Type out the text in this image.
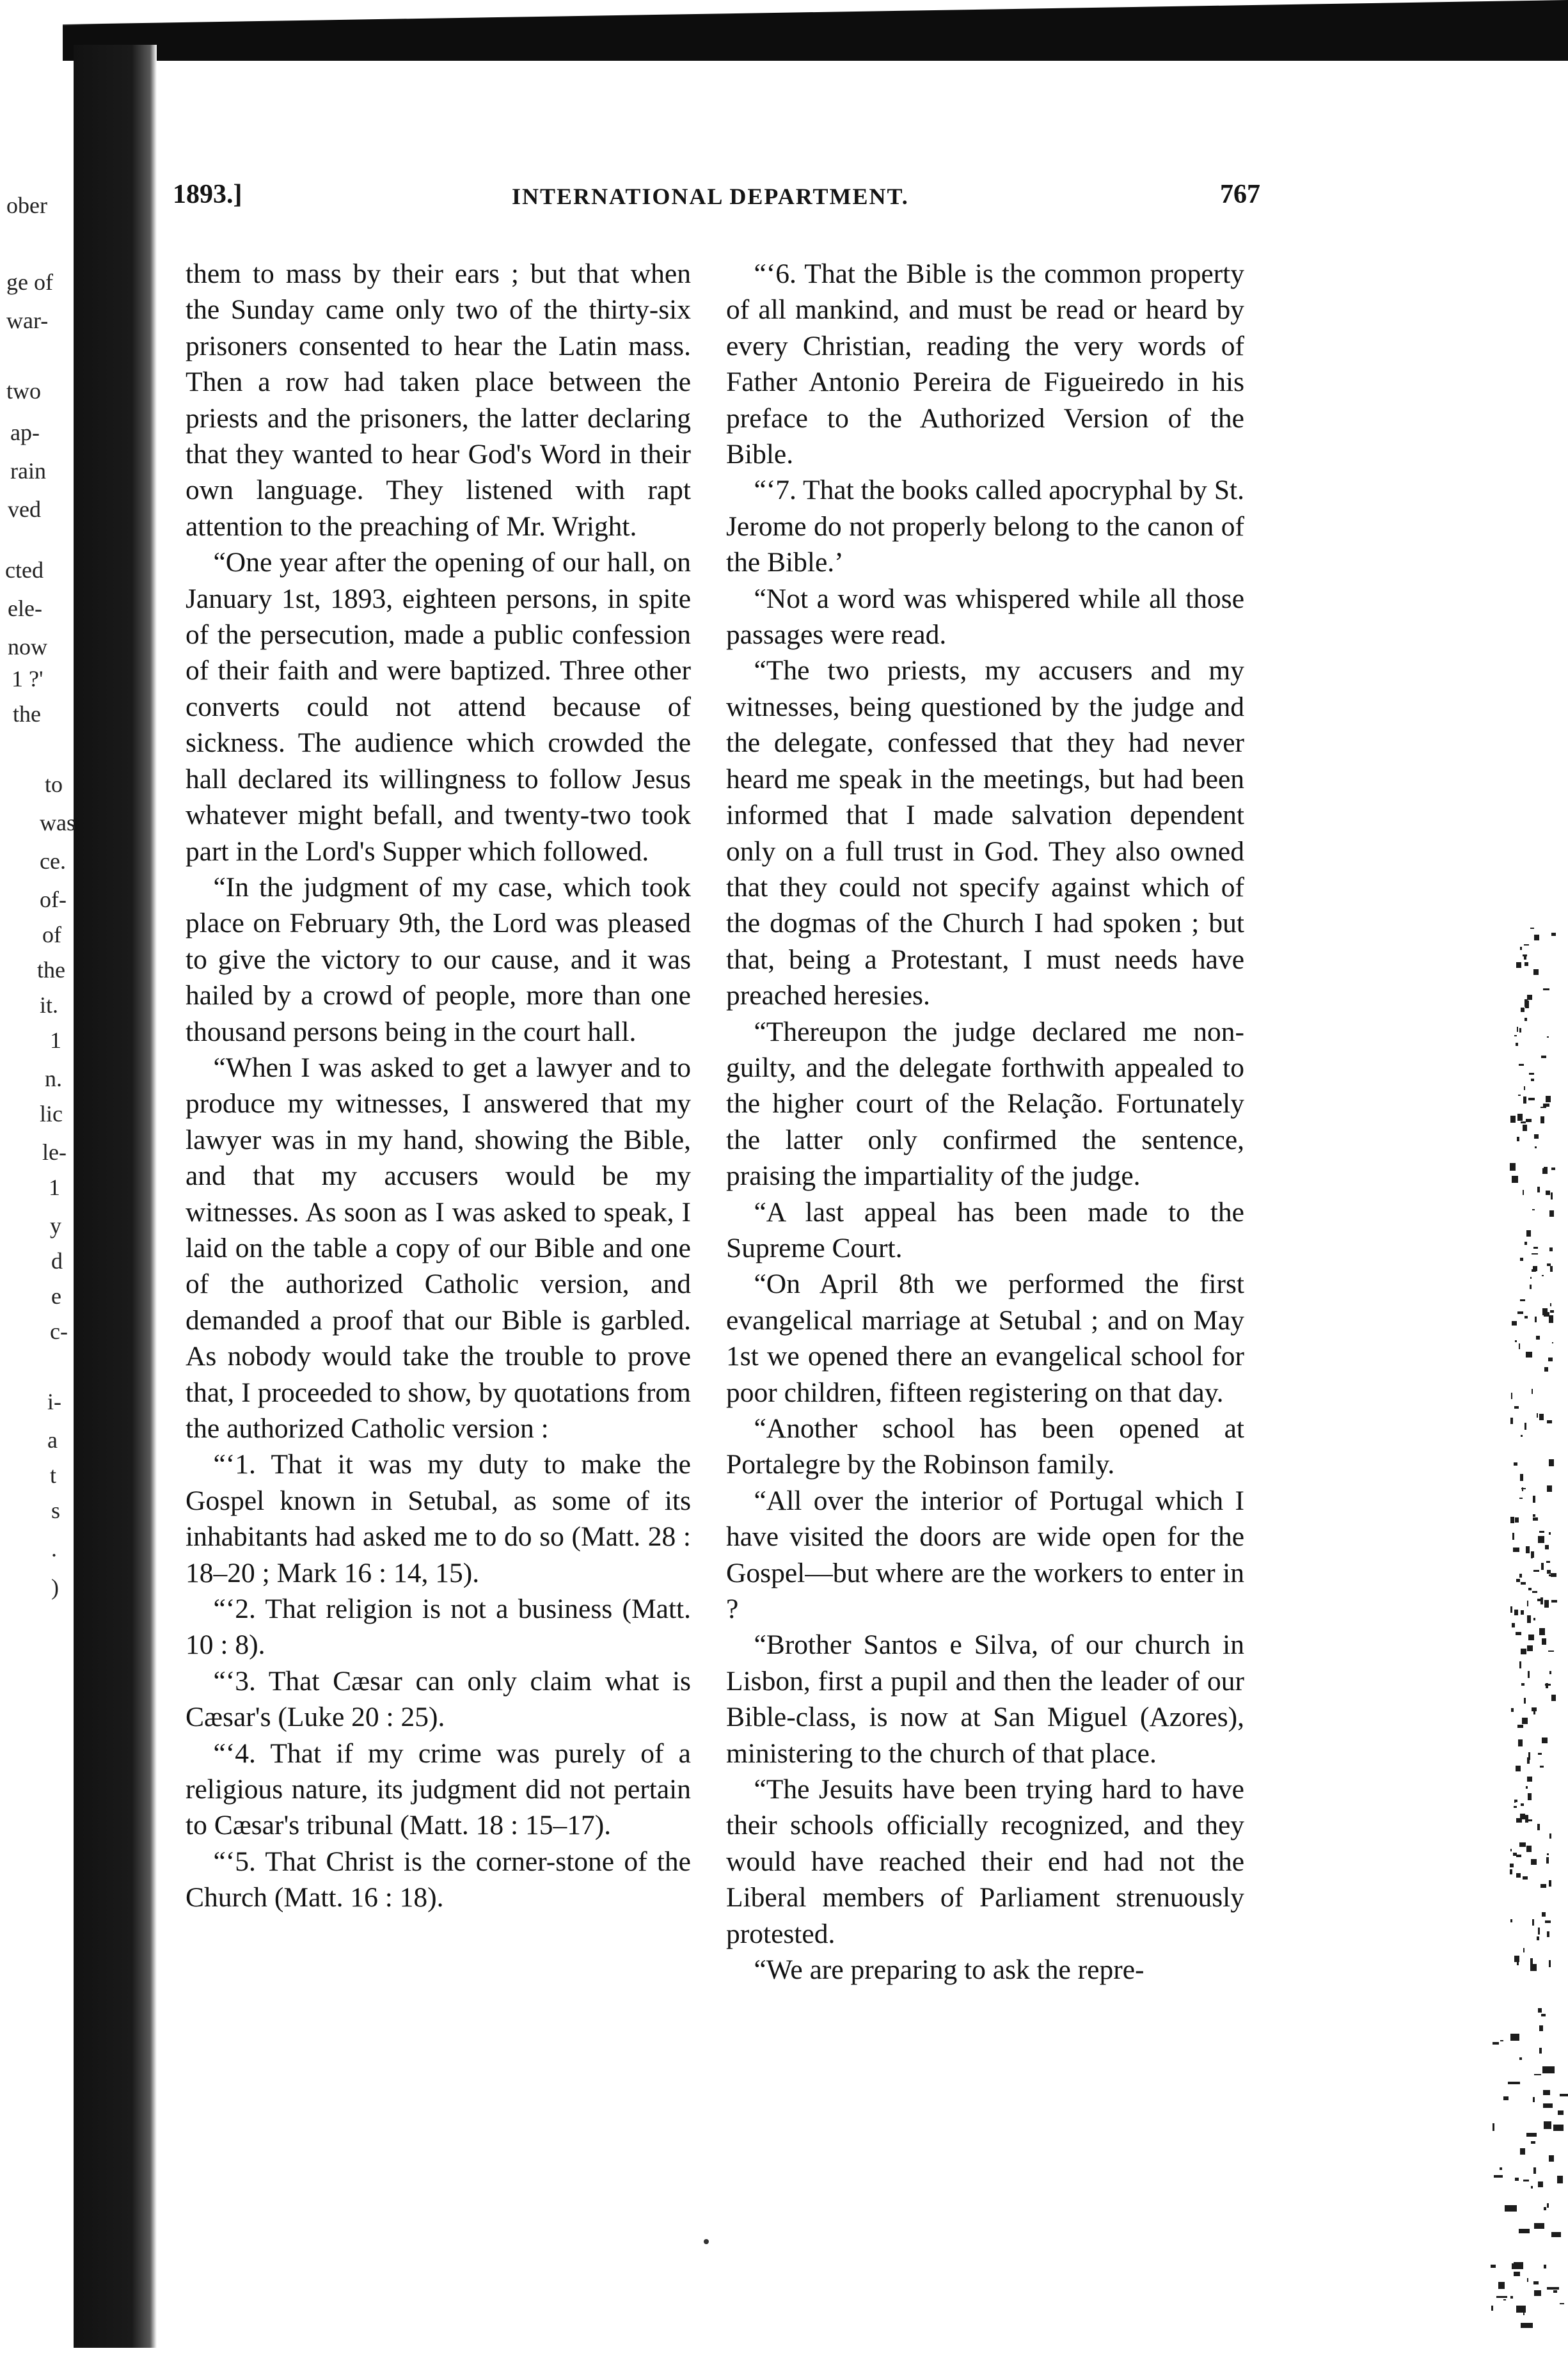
ober
ge of
war-
two
ap-
rain
ved
cted
ele-
now
1 ?'
the
to
was
ce.
of-
of
the
it.
1
n.
lic
le-
1
y
d
e
c-
i-
a
t
s
.
)
1893.]	INTERNATIONAL DEPARTMENT.	767

them to mass by their ears ; but that when the Sunday came only two of the thirty-six prisoners consented to hear the Latin mass. Then a row had taken place between the priests and the prisoners, the latter declaring that they wanted to hear God's Word in their own language. They listened with rapt attention to the preaching of Mr. Wright.

“One year after the opening of our hall, on January 1st, 1893, eighteen persons, in spite of the persecution, made a public confession of their faith and were baptized. Three other converts could not attend because of sickness. The audience which crowded the hall declared its willingness to follow Jesus whatever might befall, and twenty-two took part in the Lord's Supper which followed.

“In the judgment of my case, which took place on February 9th, the Lord was pleased to give the victory to our cause, and it was hailed by a crowd of people, more than one thousand persons being in the court hall.

“When I was asked to get a lawyer and to produce my witnesses, I answered that my lawyer was in my hand, showing the Bible, and that my accusers would be my witnesses. As soon as I was asked to speak, I laid on the table a copy of our Bible and one of the authorized Catholic version, and demanded a proof that our Bible is garbled. As nobody would take the trouble to prove that, I proceeded to show, by quotations from the authorized Catholic version :

“‘1. That it was my duty to make the Gospel known in Setubal, as some of its inhabitants had asked me to do so (Matt. 28 : 18–20 ; Mark 16 : 14, 15).

“‘2. That religion is not a business (Matt. 10 : 8).

“‘3. That Cæsar can only claim what is Cæsar's (Luke 20 : 25).

“‘4. That if my crime was purely of a religious nature, its judgment did not pertain to Cæsar's tribunal (Matt. 18 : 15–17).

“‘5. That Christ is the corner-stone of the Church (Matt. 16 : 18).

“‘6. That the Bible is the common property of all mankind, and must be read or heard by every Christian, reading the very words of Father Antonio Pereira de Figueiredo in his preface to the Authorized Version of the Bible.

“‘7. That the books called apocryphal by St. Jerome do not properly belong to the canon of the Bible.’

“Not a word was whispered while all those passages were read.

“The two priests, my accusers and my witnesses, being questioned by the judge and the delegate, confessed that they had never heard me speak in the meetings, but had been informed that I made salvation dependent only on a full trust in God. They also owned that they could not specify against which of the dogmas of the Church I had spoken ; but that, being a Protestant, I must needs have preached heresies.

“Thereupon the judge declared me non-guilty, and the delegate forthwith appealed to the higher court of the Relação. Fortunately the latter only confirmed the sentence, praising the impartiality of the judge.

“A last appeal has been made to the Supreme Court.

“On April 8th we performed the first evangelical marriage at Setubal ; and on May 1st we opened there an evangelical school for poor children, fifteen registering on that day.

“Another school has been opened at Portalegre by the Robinson family.

“All over the interior of Portugal which I have visited the doors are wide open for the Gospel—but where are the workers to enter in ?

“Brother Santos e Silva, of our church in Lisbon, first a pupil and then the leader of our Bible-class, is now at San Miguel (Azores), ministering to the church of that place.

“The Jesuits have been trying hard to have their schools officially recognized, and they would have reached their end had not the Liberal members of Parliament strenuously protested.

“We are preparing to ask the repre-
